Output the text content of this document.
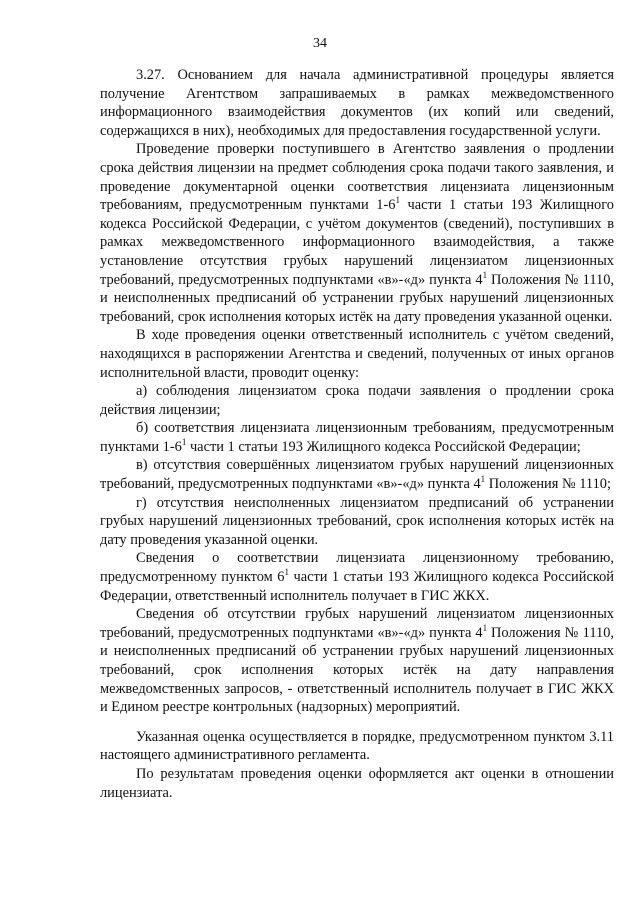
34

3.27. Основанием для начала административной процедуры является получение Агентством запрашиваемых в рамках межведомственного информационного взаимодействия документов (их копий или сведений, содержащихся в них), необходимых для предоставления государственной услуги.

Проведение проверки поступившего в Агентство заявления о продлении срока действия лицензии на предмет соблюдения срока подачи такого заявления, и проведение документарной оценки соответствия лицензиата лицензионным требованиям, предусмотренным пунктами $1-6^1$ части 1 статьи 193 Жилищного кодекса Российской Федерации, с учётом документов (сведений), поступивших в рамках межведомственного информационного взаимодействия, а также установление отсутствия грубых нарушений лицензиатом лицензионных требований, предусмотренных подпунктами «в»-«д» пункта $4^1$ Положения № 1110, и неисполненных предписаний об устранении грубых нарушений лицензионных требований, срок исполнения которых истёк на дату проведения указанной оценки.

В ходе проведения оценки ответственный исполнитель с учётом сведений, находящихся в распоряжении Агентства и сведений, полученных от иных органов исполнительной власти, проводит оценку:

а) соблюдения лицензиатом срока подачи заявления о продлении срока действия лицензии;

б) соответствия лицензиата лицензионным требованиям, предусмотренным пунктами $1-6^1$ части 1 статьи 193 Жилищного кодекса Российской Федерации;

в) отсутствия совершённых лицензиатом грубых нарушений лицензионных требований, предусмотренных подпунктами «в»-«д» пункта $4^1$ Положения № 1110;

г) отсутствия неисполненных лицензиатом предписаний об устранении грубых нарушений лицензионных требований, срок исполнения которых истёк на дату проведения указанной оценки.

Сведения о соответствии лицензиата лицензионному требованию, предусмотренному пунктом $6^1$ части 1 статьи 193 Жилищного кодекса Российской Федерации, ответственный исполнитель получает в ГИС ЖКХ.

Сведения об отсутствии грубых нарушений лицензиатом лицензионных требований, предусмотренных подпунктами «в»-«д» пункта $4^1$ Положения № 1110, и неисполненных предписаний об устранении грубых нарушений лицензионных требований, срок исполнения которых истёк на дату направления межведомственных запросов, - ответственный исполнитель получает в ГИС ЖКХ и Едином реестре контрольных (надзорных) мероприятий.

Указанная оценка осуществляется в порядке, предусмотренном пунктом 3.11 настоящего административного регламента.

По результатам проведения оценки оформляется акт оценки в отношении лицензиата.
